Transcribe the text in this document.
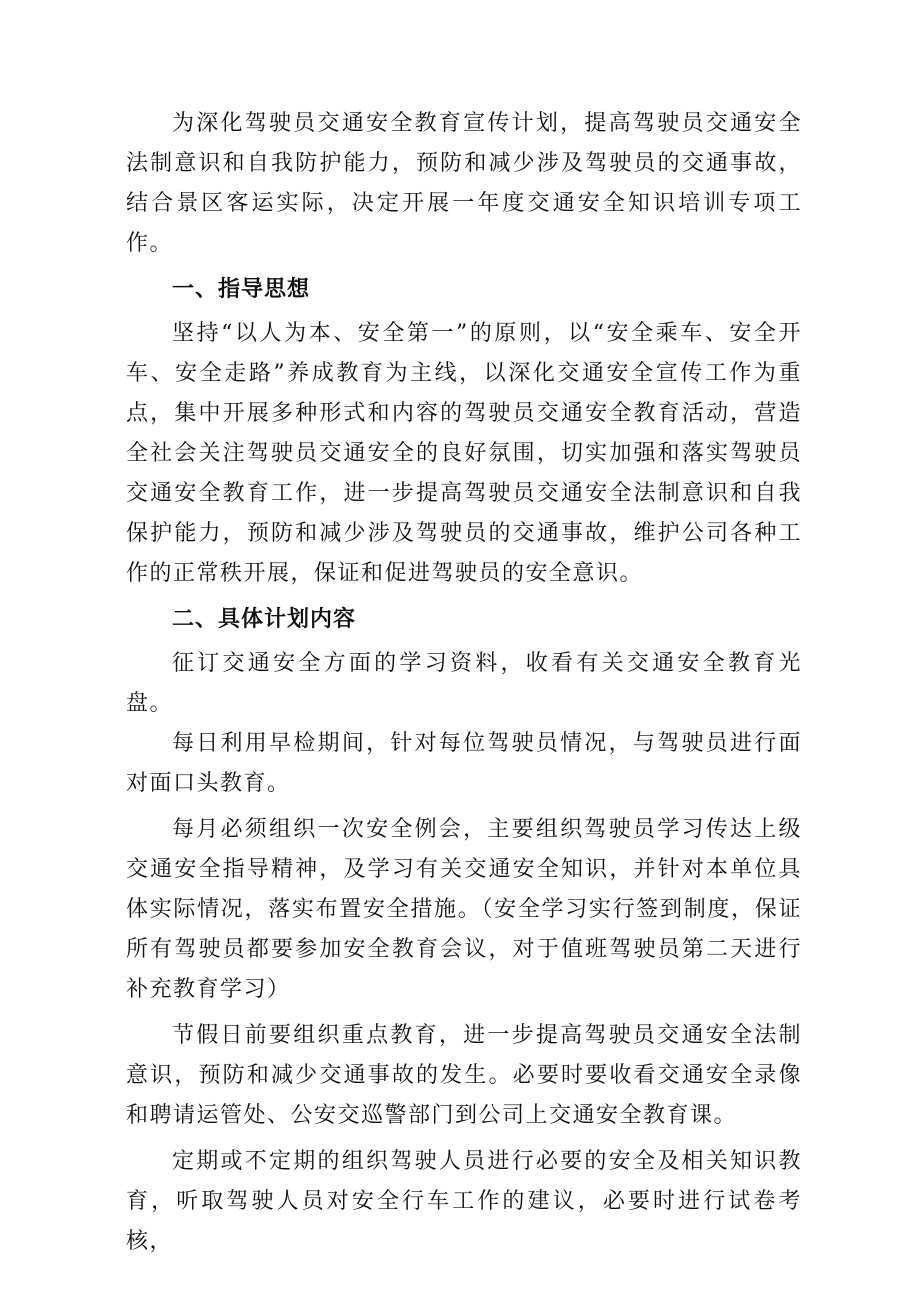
为深化驾驶员交通安全教育宣传计划，提高驾驶员交通安全法制意识和自我防护能力，预防和减少涉及驾驶员的交通事故，结合景区客运实际，决定开展一年度交通安全知识培训专项工作。

一、指导思想

坚持“以人为本、安全第一”的原则，以“安全乘车、安全开车、安全走路”养成教育为主线，以深化交通安全宣传工作为重点，集中开展多种形式和内容的驾驶员交通安全教育活动，营造全社会关注驾驶员交通安全的良好氛围，切实加强和落实驾驶员交通安全教育工作，进一步提高驾驶员交通安全法制意识和自我保护能力，预防和减少涉及驾驶员的交通事故，维护公司各种工作的正常秩开展，保证和促进驾驶员的安全意识。

二、具体计划内容

征订交通安全方面的学习资料，收看有关交通安全教育光盘。

每日利用早检期间，针对每位驾驶员情况，与驾驶员进行面对面口头教育。

每月必须组织一次安全例会，主要组织驾驶员学习传达上级交通安全指导精神，及学习有关交通安全知识，并针对本单位具体实际情况，落实布置安全措施。（安全学习实行签到制度，保证所有驾驶员都要参加安全教育会议，对于值班驾驶员第二天进行补充教育学习）

节假日前要组织重点教育，进一步提高驾驶员交通安全法制意识，预防和减少交通事故的发生。必要时要收看交通安全录像和聘请运管处、公安交巡警部门到公司上交通安全教育课。

定期或不定期的组织驾驶人员进行必要的安全及相关知识教育，听取驾驶人员对安全行车工作的建议，必要时进行试卷考核，
